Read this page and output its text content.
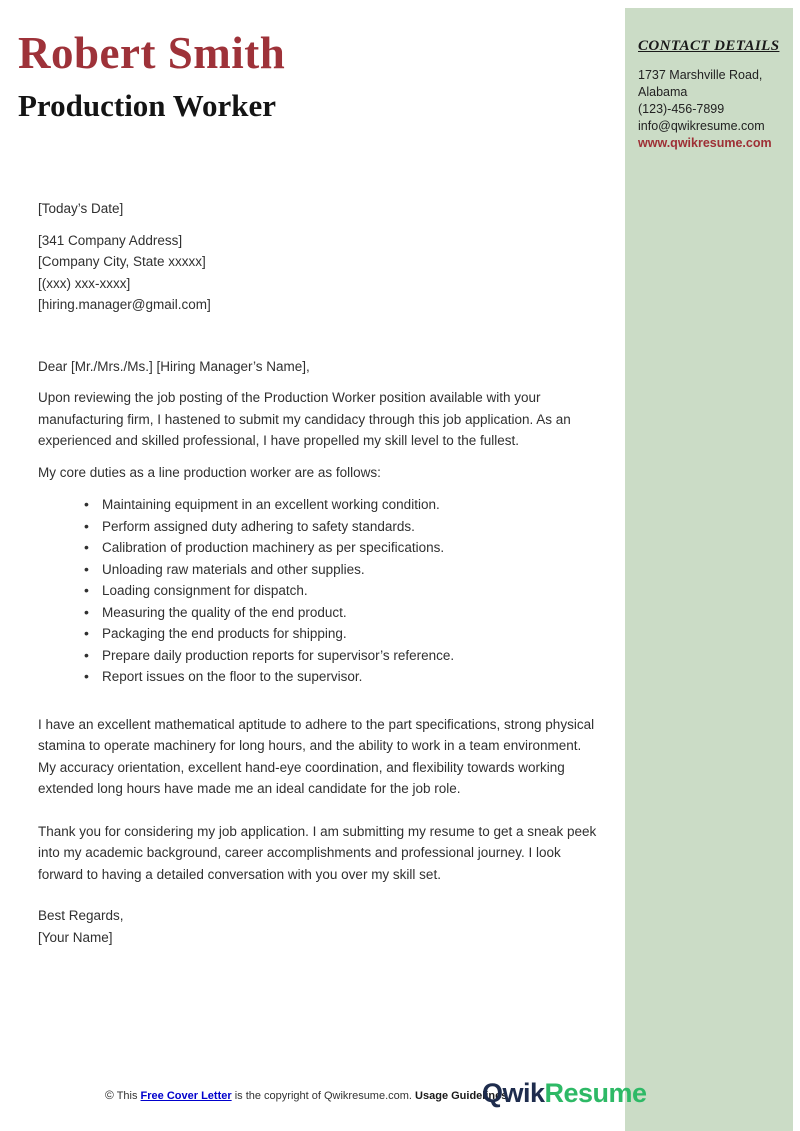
CONTACT DETAILS
1737 Marshville Road,
Alabama
(123)-456-7899
info@qwikresume.com
www.qwikresume.com
Robert Smith
Production Worker
[Today’s Date]
[341 Company Address]
[Company City, State xxxxx]
[(xxx) xxx-xxxx]
[hiring.manager@gmail.com]
Dear [Mr./Mrs./Ms.] [Hiring Manager’s Name],

Upon reviewing the job posting of the Production Worker position available with your manufacturing firm, I hastened to submit my candidacy through this job application. As an experienced and skilled professional, I have propelled my skill level to the fullest.

My core duties as a line production worker are as follows:
• Maintaining equipment in an excellent working condition.
• Perform assigned duty adhering to safety standards.
• Calibration of production machinery as per specifications.
• Unloading raw materials and other supplies.
• Loading consignment for dispatch.
• Measuring the quality of the end product.
• Packaging the end products for shipping.
• Prepare daily production reports for supervisor’s reference.
• Report issues on the floor to the supervisor.
I have an excellent mathematical aptitude to adhere to the part specifications, strong physical stamina to operate machinery for long hours, and the ability to work in a team environment.
My accuracy orientation, excellent hand-eye coordination, and flexibility towards working extended long hours have made me an ideal candidate for the job role.

Thank you for considering my job application. I am submitting my resume to get a sneak peek into my academic background, career accomplishments and professional journey. I look forward to having a detailed conversation with you over my skill set.

Best Regards,
[Your Name]
© This Free Cover Letter is the copyright of Qwikresume.com. Usage Guidelines
QwikResume
